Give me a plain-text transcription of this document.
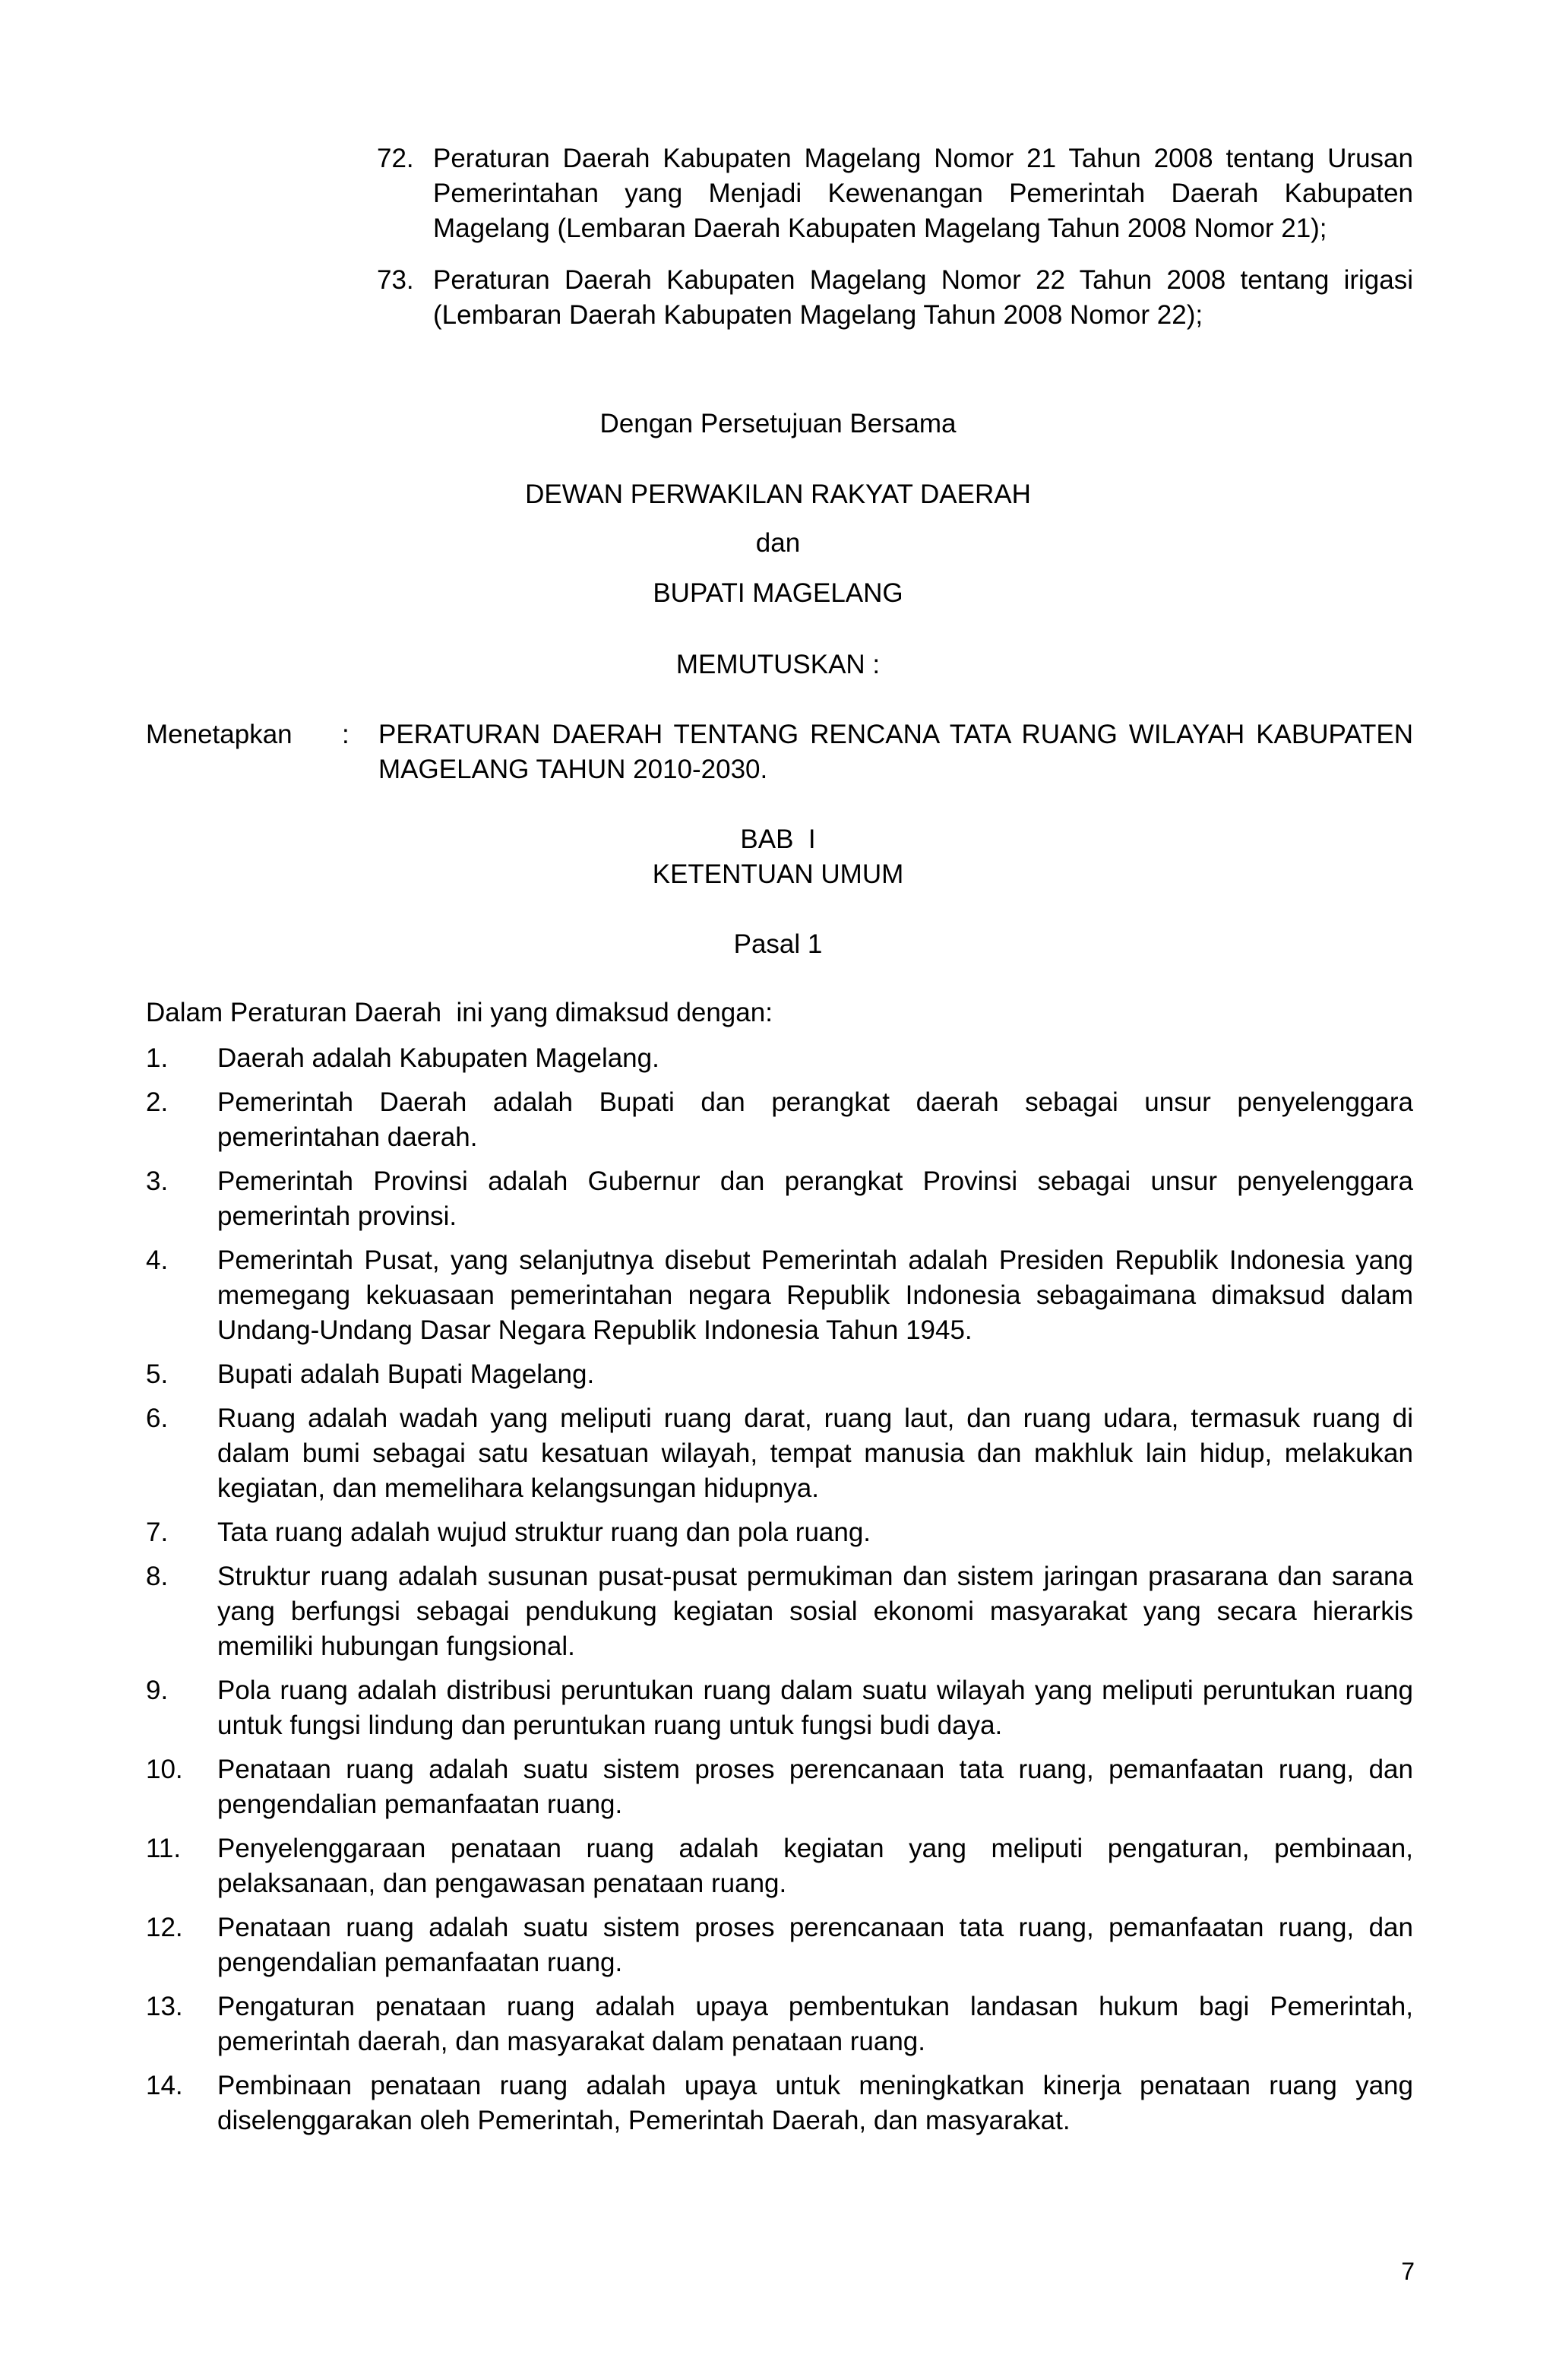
72. Peraturan Daerah Kabupaten Magelang Nomor 21 Tahun 2008 tentang Urusan Pemerintahan yang Menjadi Kewenangan Pemerintah Daerah Kabupaten Magelang (Lembaran Daerah Kabupaten Magelang Tahun 2008 Nomor 21);
73. Peraturan Daerah Kabupaten Magelang Nomor 22 Tahun 2008 tentang irigasi (Lembaran Daerah Kabupaten Magelang Tahun 2008 Nomor 22);
Dengan Persetujuan Bersama
DEWAN PERWAKILAN RAKYAT DAERAH
dan
BUPATI MAGELANG
MEMUTUSKAN :
Menetapkan	:	PERATURAN DAERAH TENTANG RENCANA TATA RUANG WILAYAH KABUPATEN MAGELANG TAHUN 2010-2030.
BAB  I
KETENTUAN UMUM
Pasal 1
Dalam Peraturan Daerah  ini yang dimaksud dengan:
1.	Daerah adalah Kabupaten Magelang.
2.	Pemerintah Daerah adalah Bupati dan perangkat daerah sebagai unsur penyelenggara pemerintahan daerah.
3.	Pemerintah Provinsi adalah Gubernur dan perangkat Provinsi sebagai unsur penyelenggara pemerintah provinsi.
4.	Pemerintah Pusat, yang selanjutnya disebut Pemerintah adalah Presiden Republik Indonesia yang memegang kekuasaan pemerintahan negara Republik Indonesia sebagaimana dimaksud dalam Undang-Undang Dasar Negara Republik Indonesia Tahun 1945.
5.	Bupati adalah Bupati Magelang.
6.	Ruang adalah wadah yang meliputi ruang darat, ruang laut, dan ruang udara, termasuk ruang di dalam bumi sebagai satu kesatuan wilayah, tempat manusia dan makhluk lain hidup, melakukan kegiatan, dan memelihara kelangsungan hidupnya.
7.	Tata ruang adalah wujud struktur ruang dan pola ruang.
8.	Struktur ruang adalah susunan pusat-pusat permukiman dan sistem jaringan prasarana dan sarana yang berfungsi sebagai pendukung kegiatan sosial ekonomi masyarakat yang secara hierarkis memiliki hubungan fungsional.
9.	Pola ruang adalah distribusi peruntukan ruang dalam suatu wilayah yang meliputi peruntukan ruang untuk fungsi lindung dan peruntukan ruang untuk fungsi budi daya.
10.	Penataan ruang adalah suatu sistem proses perencanaan tata ruang, pemanfaatan ruang, dan pengendalian pemanfaatan ruang.
11.	Penyelenggaraan penataan ruang adalah kegiatan yang meliputi pengaturan, pembinaan, pelaksanaan, dan pengawasan penataan ruang.
12.	Penataan ruang adalah suatu sistem proses perencanaan tata ruang, pemanfaatan ruang, dan pengendalian pemanfaatan ruang.
13.	Pengaturan penataan ruang adalah upaya pembentukan landasan hukum bagi Pemerintah, pemerintah daerah, dan masyarakat dalam penataan ruang.
14.	Pembinaan penataan ruang adalah upaya untuk meningkatkan kinerja penataan ruang yang diselenggarakan oleh Pemerintah, Pemerintah Daerah, dan masyarakat.
7
